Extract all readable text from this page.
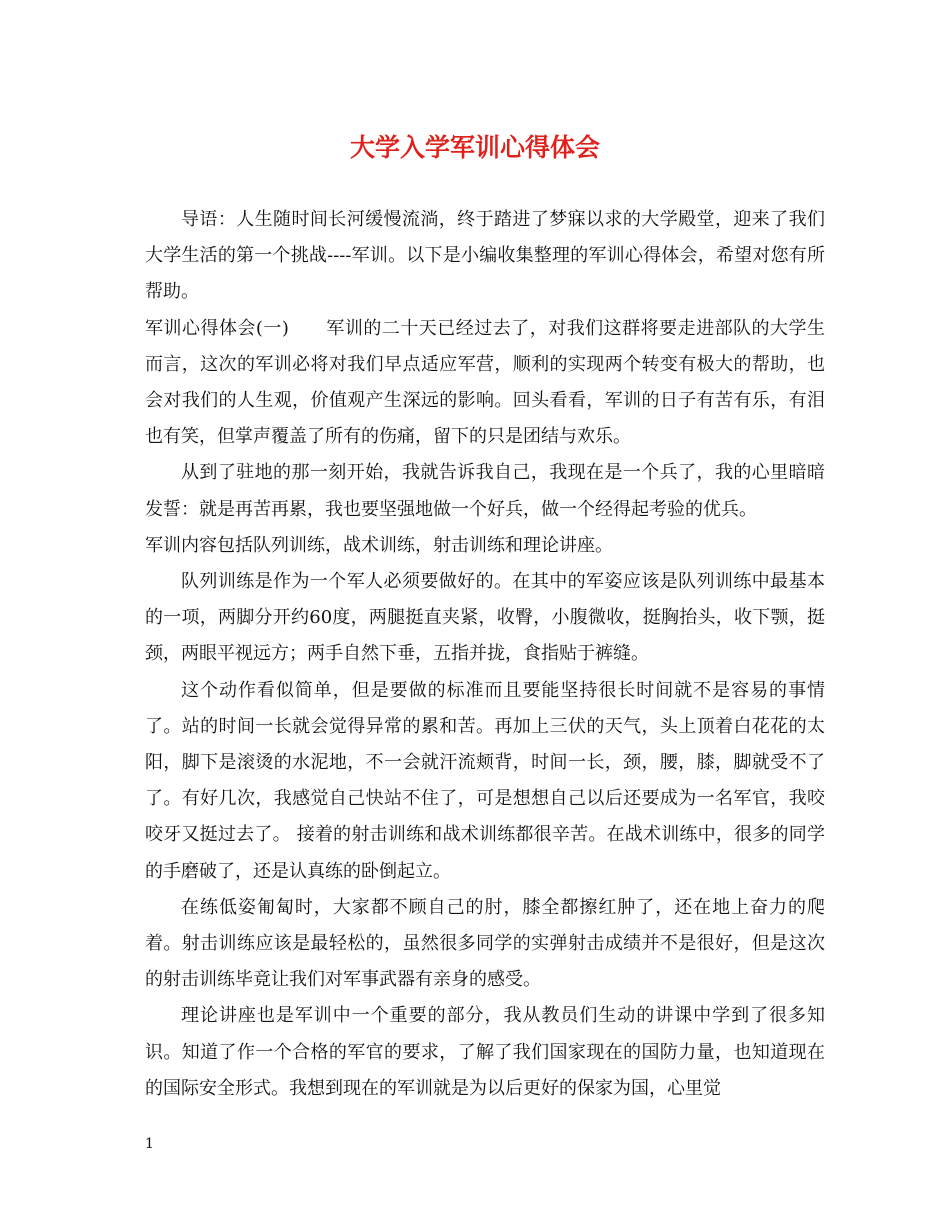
大学入学军训心得体会

导语：人生随时间长河缓慢流淌，终于踏进了梦寐以求的大学殿堂，迎来了我们大学生活的第一个挑战----军训。以下是小编收集整理的军训心得体会，希望对您有所帮助。

军训心得体会(一)　　军训的二十天已经过去了，对我们这群将要走进部队的大学生而言，这次的军训必将对我们早点适应军营，顺利的实现两个转变有极大的帮助，也会对我们的人生观，价值观产生深远的影响。回头看看，军训的日子有苦有乐，有泪也有笑，但掌声覆盖了所有的伤痛，留下的只是团结与欢乐。

从到了驻地的那一刻开始，我就告诉我自己，我现在是一个兵了，我的心里暗暗发誓：就是再苦再累，我也要坚强地做一个好兵，做一个经得起考验的优兵。

军训内容包括队列训练，战术训练，射击训练和理论讲座。

队列训练是作为一个军人必须要做好的。在其中的军姿应该是队列训练中最基本的一项，两脚分开约60度，两腿挺直夹紧，收臀，小腹微收，挺胸抬头，收下颚，挺颈，两眼平视远方；两手自然下垂，五指并拢，食指贴于裤缝。

这个动作看似简单，但是要做的标准而且要能坚持很长时间就不是容易的事情了。站的时间一长就会觉得异常的累和苦。再加上三伏的天气，头上顶着白花花的太阳，脚下是滚烫的水泥地，不一会就汗流颊背，时间一长，颈，腰，膝，脚就受不了了。有好几次，我感觉自己快站不住了，可是想想自己以后还要成为一名军官，我咬咬牙又挺过去了。 接着的射击训练和战术训练都很辛苦。在战术训练中，很多的同学的手磨破了，还是认真练的卧倒起立。

在练低姿匍匐时，大家都不顾自己的肘，膝全都擦红肿了，还在地上奋力的爬着。射击训练应该是最轻松的，虽然很多同学的实弹射击成绩并不是很好，但是这次的射击训练毕竟让我们对军事武器有亲身的感受。

理论讲座也是军训中一个重要的部分，我从教员们生动的讲课中学到了很多知识。知道了作一个合格的军官的要求，了解了我们国家现在的国防力量，也知道现在的国际安全形式。我想到现在的军训就是为以后更好的保家为国，心里觉

1
